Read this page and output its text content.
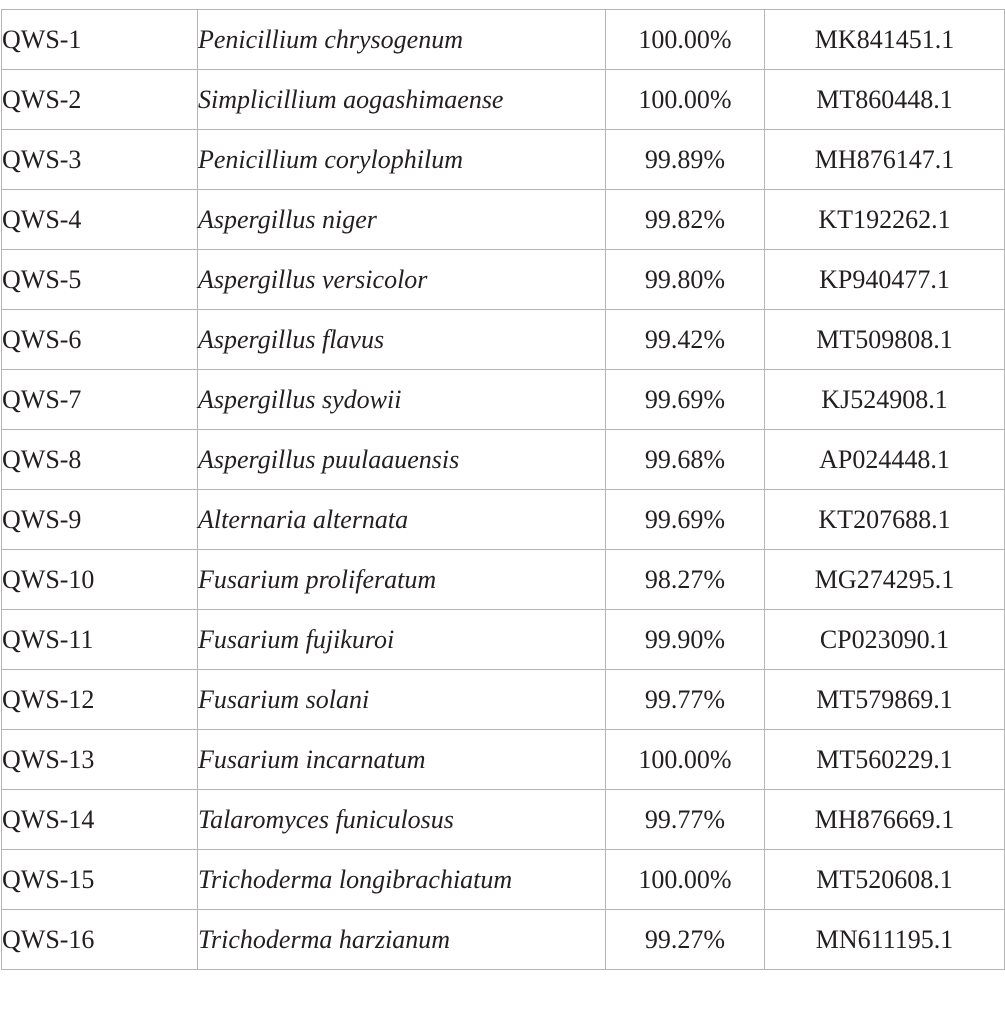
QWS-1	Penicillium chrysogenum	100.00%	MK841451.1
QWS-2	Simplicillium aogashimaense	100.00%	MT860448.1
QWS-3	Penicillium corylophilum	99.89%	MH876147.1
QWS-4	Aspergillus niger	99.82%	KT192262.1
QWS-5	Aspergillus versicolor	99.80%	KP940477.1
QWS-6	Aspergillus flavus	99.42%	MT509808.1
QWS-7	Aspergillus sydowii	99.69%	KJ524908.1
QWS-8	Aspergillus puulaauensis	99.68%	AP024448.1
QWS-9	Alternaria alternata	99.69%	KT207688.1
QWS-10	Fusarium proliferatum	98.27%	MG274295.1
QWS-11	Fusarium fujikuroi	99.90%	CP023090.1
QWS-12	Fusarium solani	99.77%	MT579869.1
QWS-13	Fusarium incarnatum	100.00%	MT560229.1
QWS-14	Talaromyces funiculosus	99.77%	MH876669.1
QWS-15	Trichoderma longibrachiatum	100.00%	MT520608.1
QWS-16	Trichoderma harzianum	99.27%	MN611195.1
